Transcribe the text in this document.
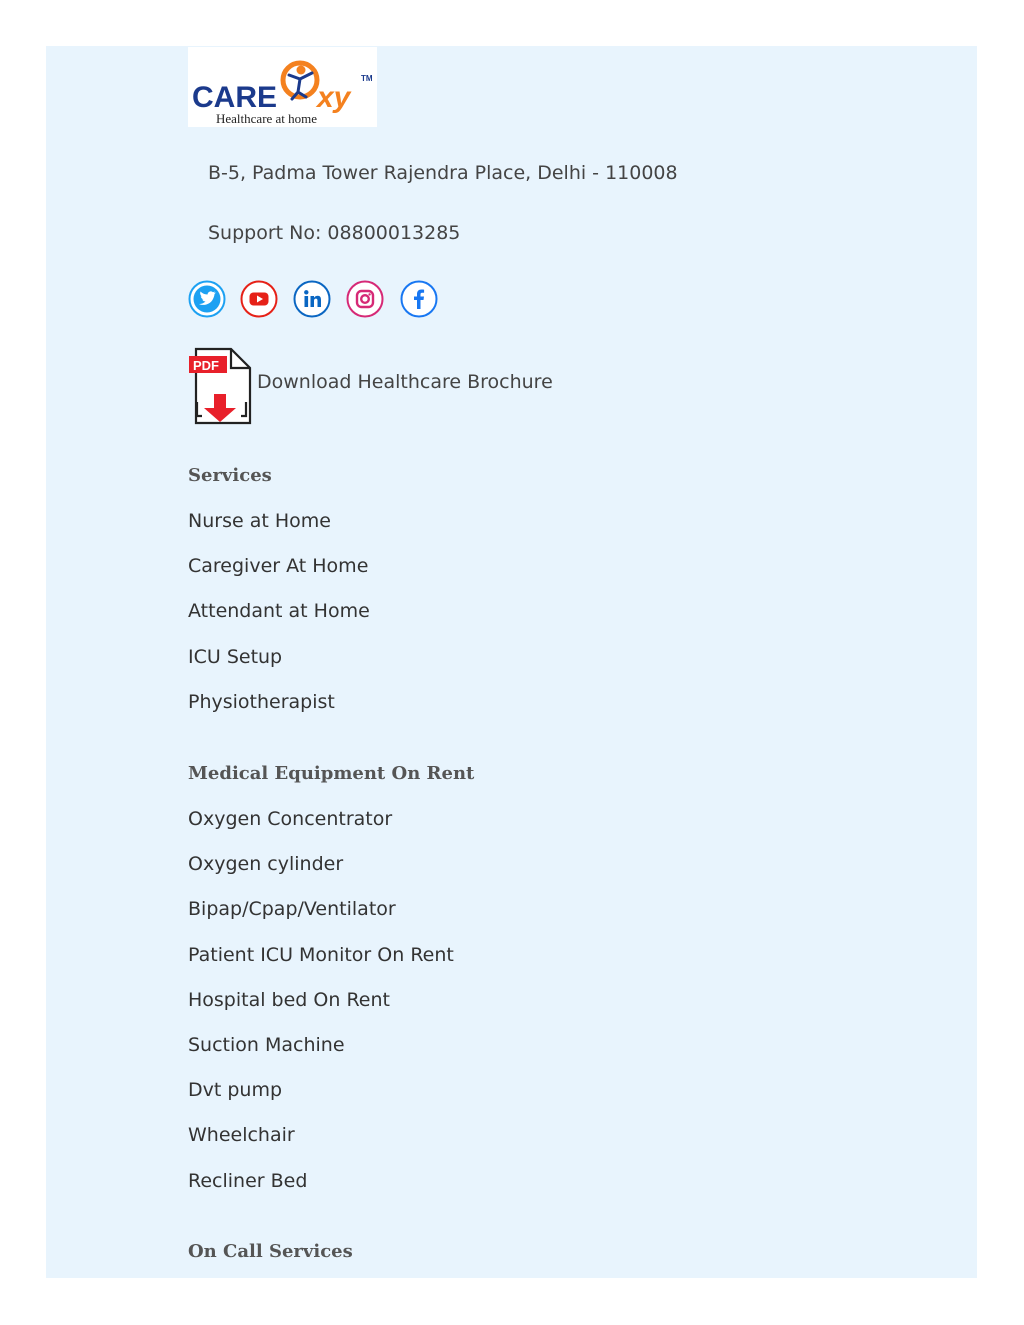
CARE xy
TM
Healthcare at home
B-5, Padma Tower Rajendra Place, Delhi - 110008
Support No: 08800013285
PDF
Download Healthcare Brochure
Services
Nurse at Home
Caregiver At Home
Attendant at Home
ICU Setup
Physiotherapist
Medical Equipment On Rent
Oxygen Concentrator
Oxygen cylinder
Bipap/Cpap/Ventilator
Patient ICU Monitor On Rent
Hospital bed On Rent
Suction Machine
Dvt pump
Wheelchair
Recliner Bed
On Call Services
